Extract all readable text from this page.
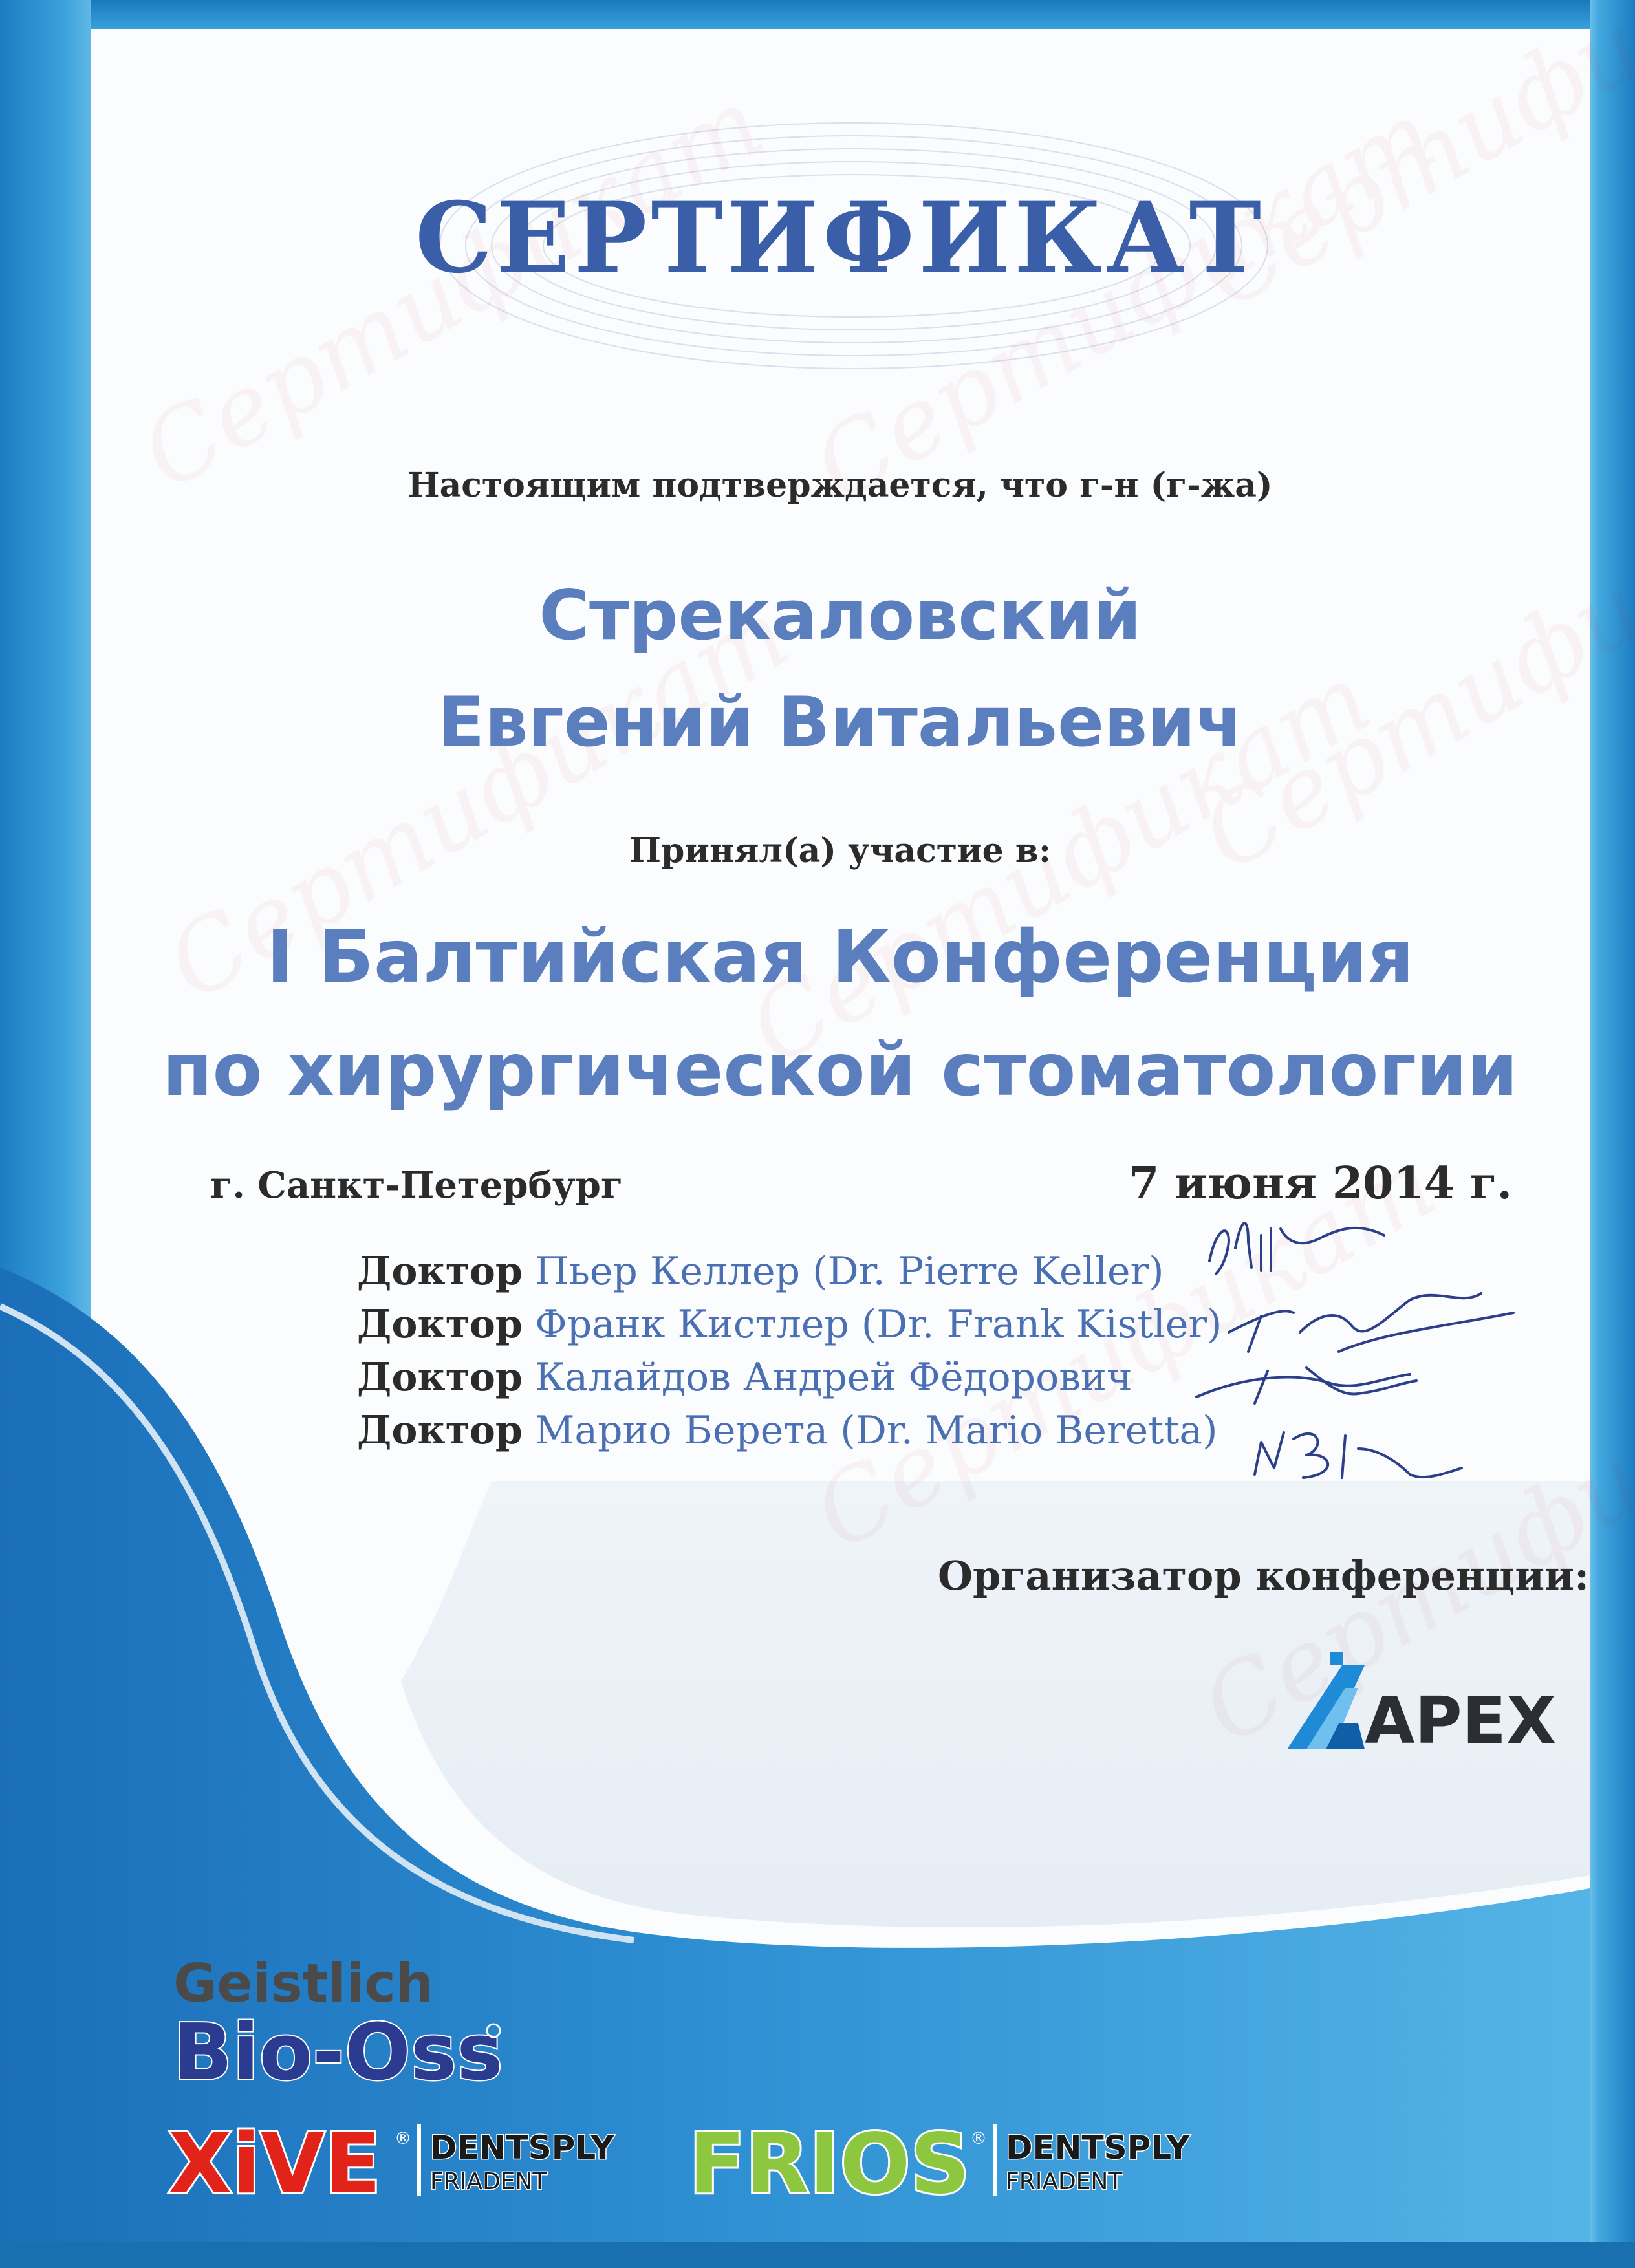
СЕРТИФИКАТ

Настоящим подтверждается, что г-н (г-жа)

Стрекаловский

Евгений Витальевич

Принял(а) участие в:

I Балтийская Конференция

по хирургической стоматологии

г. Санкт-Петербург	7 июня 2014 г.

Доктор Пьер Келлер (Dr. Pierre Keller)
Доктор Франк Кистлер (Dr. Frank Kistler)
Доктор Калайдов Андрей Фёдорович
Доктор Марио Берета (Dr. Mario Beretta)

Организатор конференции:

APEX
Geistlich
Bio-Oss
XiVE ® DENTSPLY
FRIADENT FRIOS ® DENTSPLY
FRIADENT
